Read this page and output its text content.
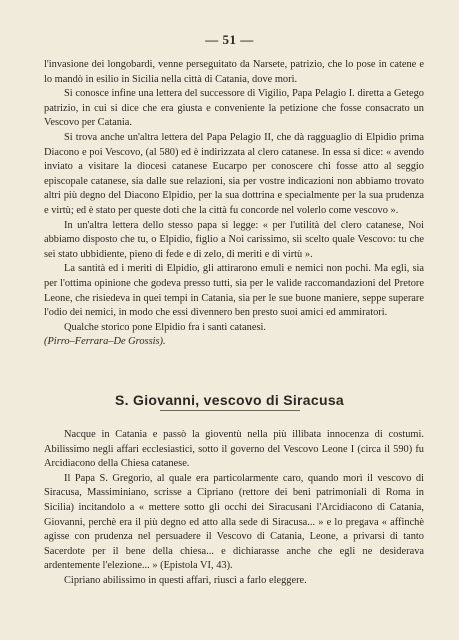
— 51 —

l'invasione dei longobardi, venne perseguitato da Narsete, patrizio, che lo pose in catene e lo mandò in esilio in Sicilia nella città di Catania, dove morì.

Si conosce infine una lettera del successore di Vigilio, Papa Pelagio I. diretta a Getego patrizio, in cui si dice che era giusta e conveniente la petizione che fosse consacrato un Vescovo per Catania.

Si trova anche un'altra lettera del Papa Pelagio II, che dà ragguaglio di Elpidio prima Diacono e poi Vescovo, (al 580) ed è indirizzata al clero catanese. In essa si dice: « avendo inviato a visitare la diocesi catanese Eucarpo per conoscere chi fosse atto al seggio episcopale catanese, sia dalle sue relazioni, sia per vostre indicazioni non abbiamo trovato altri più degno del Diacono Elpidio, per la sua dottrina e specialmente per la sua prudenza e virtù; ed è stato per queste doti che la città fu concorde nel volerlo come vescovo ».

In un'altra lettera dello stesso papa si legge: « per l'utilità del clero catanese, Noi abbiamo disposto che tu, o Elpidio, figlio a Noi carissimo, sii scelto quale Vescovo: tu che sei stato ubbidiente, pieno di fede e di zelo, di meriti e di virtù ».

La santità ed i meriti di Elpidio, gli attirarono emuli e nemici non pochi. Ma egli, sia per l'ottima opinione che godeva presso tutti, sia per le valide raccomandazioni del Pretore Leone, che risiedeva in quei tempi in Catania, sia per le sue buone maniere, seppe superare l'odio dei nemici, in modo che essi divennero ben presto suoi amici ed ammiratori.

Qualche storico pone Elpidio fra i santi catanesi.

(Pirro–Ferrara–De Grossis).

S. Giovanni, vescovo di Siracusa

Nacque in Catania e passò la gioventù nella più illibata innocenza di costumi. Abilissimo negli affari ecclesiastici, sotto il governo del Vescovo Leone I (circa il 590) fu Arcidiacono della Chiesa catanese.

Il Papa S. Gregorio, al quale era particolarmente caro, quando morì il vescovo di Siracusa, Massiminiano, scrisse a Cipriano (rettore dei beni patrimoniali di Roma in Sicilia) incitandolo a « mettere sotto gli occhi dei Siracusani l'Arcidiacono di Catania, Giovanni, perchè era il più degno ed atto alla sede di Siracusa... » e lo pregava « affinchè agisse con prudenza nel persuadere il Vescovo di Catania, Leone, a privarsi di tanto Sacerdote per il bene della chiesa... e dichiarasse anche che egli ne desiderava ardentemente l'elezione... » (Epistola VI, 43).

Cipriano abilissimo in questi affari, riuscì a farlo eleggere.
